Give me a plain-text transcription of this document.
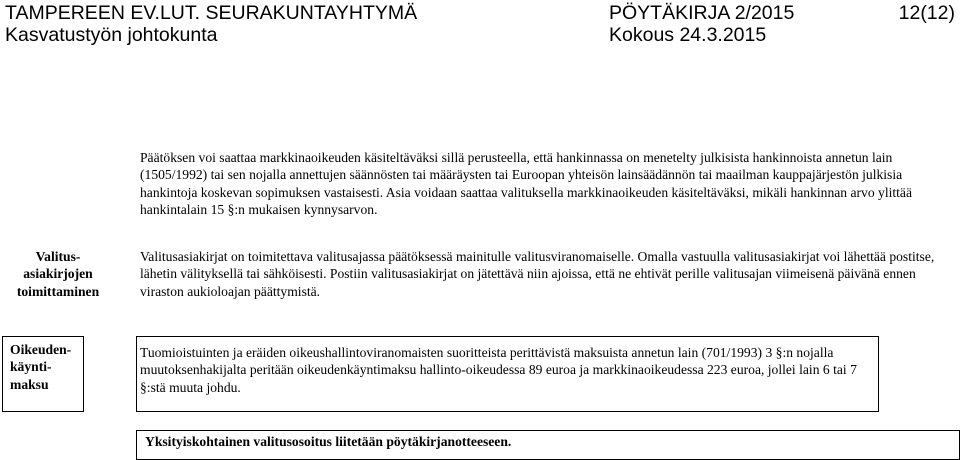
TAMPEREEN EV.LUT. SEURAKUNTAYHTYMÄ
Kasvatustyön johtokunta
PÖYTÄKIRJA 2/2015
Kokous 24.3.2015
12(12)
Päätöksen voi saattaa markkinaoikeuden käsiteltäväksi sillä perusteella, että hankinnassa on menetelty julkisista hankinnoista annetun lain (1505/1992) tai sen nojalla annettujen säännösten tai määräysten tai Euroopan yhteisön lainsäädännön tai maailman kauppajärjestön julkisia hankintoja koskevan sopimuksen vastaisesti. Asia voidaan saattaa valituksella markkinaoikeuden käsiteltäväksi, mikäli hankinnan arvo ylittää hankintalain 15 §:n mukaisen kynnysarvon.
Valitus-
asiakirjojen
toimittaminen
Valitusasiakirjat on toimitettava valitusajassa päätöksessä mainitulle valitusviranomaiselle. Omalla vastuulla valitusasiakirjat voi lähettää postitse, lähetin välityksellä tai sähköisesti. Postiin valitusasiakirjat on jätettävä niin ajoissa, että ne ehtivät perille valitusajan viimeisenä päivänä ennen viraston aukioloajan päättymistä.
Oikeuden-
käynti-
maksu
Tuomioistuinten ja eräiden oikeushallintoviranomaisten suoritteista perittävistä maksuista annetun lain (701/1993) 3 §:n nojalla muutoksenhakijalta peritään oikeudenkäyntimaksu hallinto-oikeudessa 89 euroa ja markkinaoikeudessa 223 euroa, jollei lain 6 tai 7 §:stä muuta johdu.
Yksityiskohtainen valitusosoitus liitetään pöytäkirjanotteeseen.
